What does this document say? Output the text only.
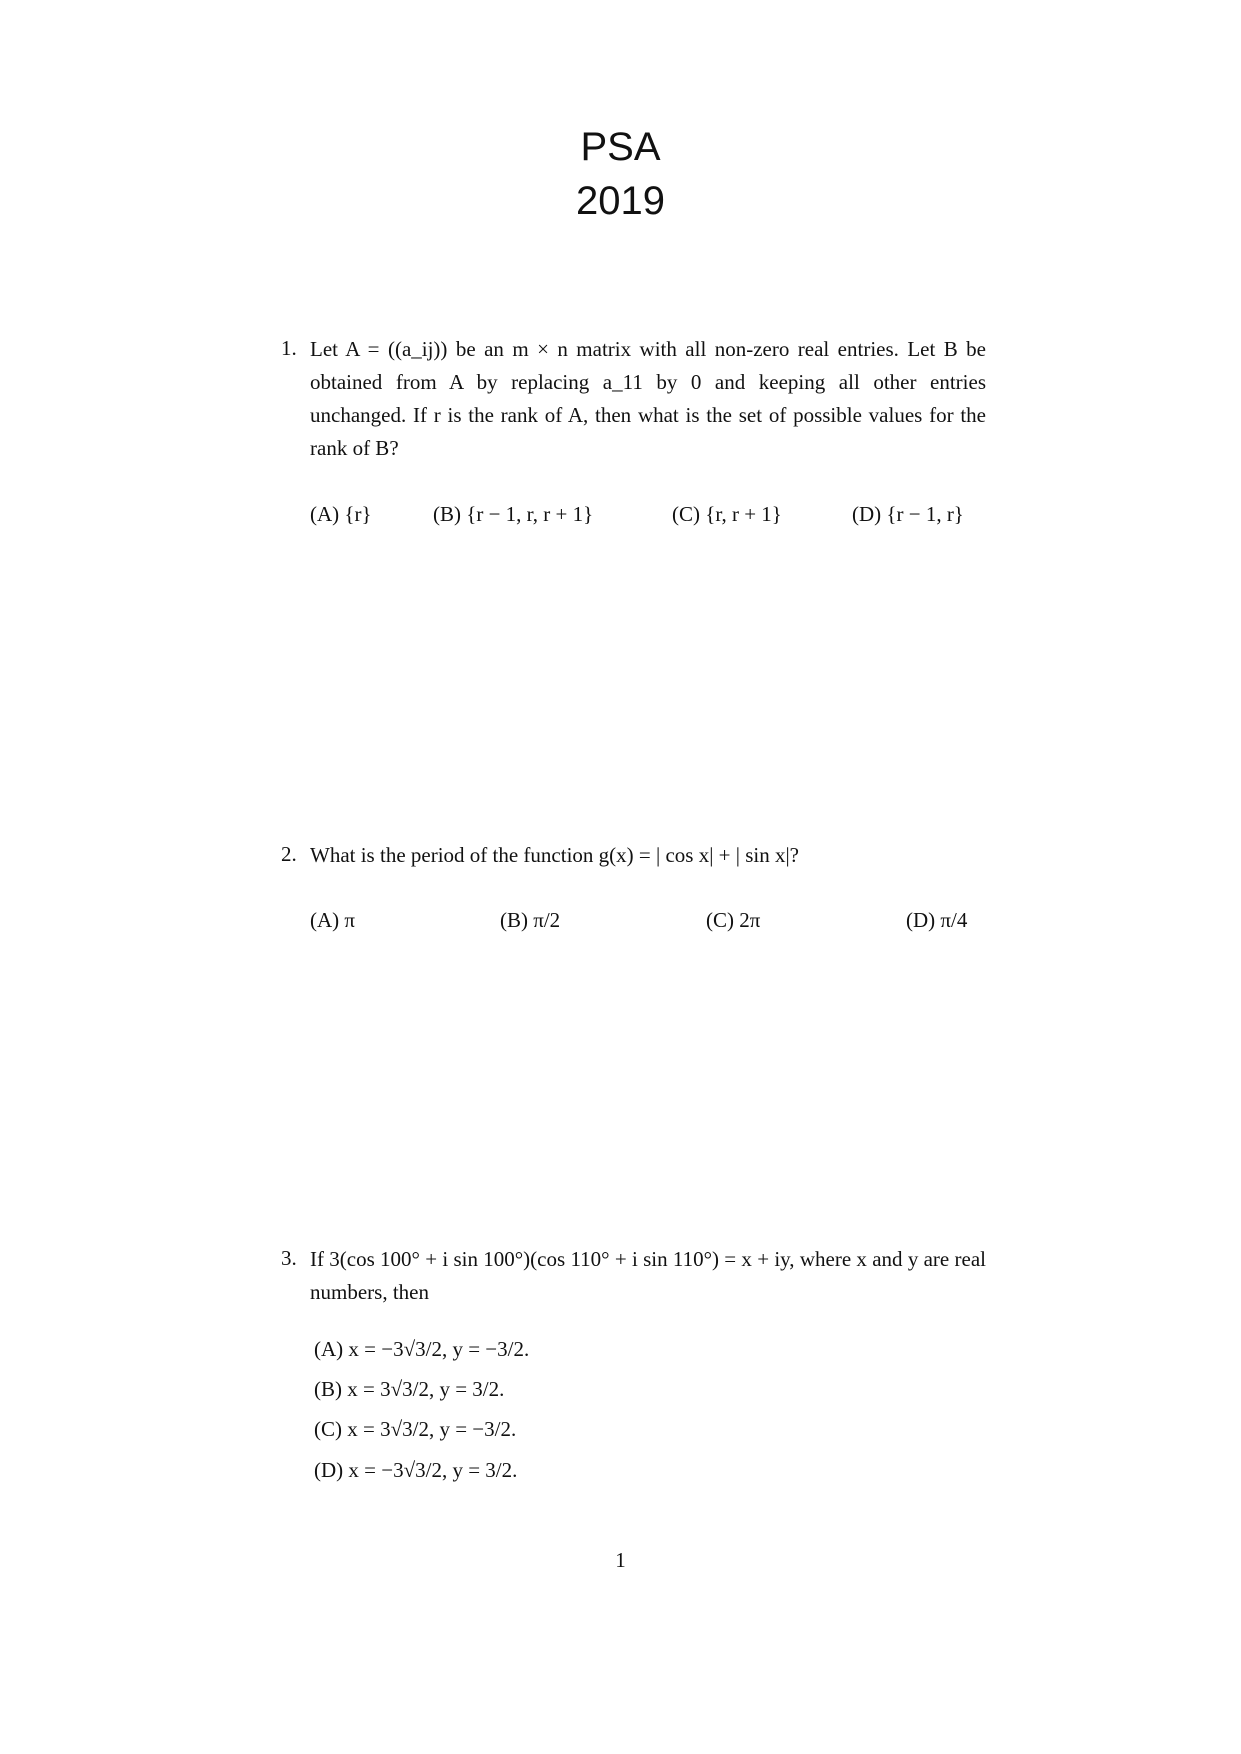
PSA
2019
1. Let A = ((a_ij)) be an m × n matrix with all non-zero real entries. Let B be obtained from A by replacing a_11 by 0 and keeping all other entries unchanged. If r is the rank of A, then what is the set of possible values for the rank of B?
(A) {r}	(B) {r − 1, r, r + 1}	(C) {r, r + 1}	(D) {r − 1, r}
2. What is the period of the function g(x) = | cos x| + | sin x|?
(A) π	(B) π/2	(C) 2π	(D) π/4
3. If 3(cos 100° + i sin 100°)(cos 110° + i sin 110°) = x + iy, where x and y are real numbers, then
(A) x = −3√3/2, y = −3/2.
(B) x = 3√3/2, y = 3/2.
(C) x = 3√3/2, y = −3/2.
(D) x = −3√3/2, y = 3/2.
1
